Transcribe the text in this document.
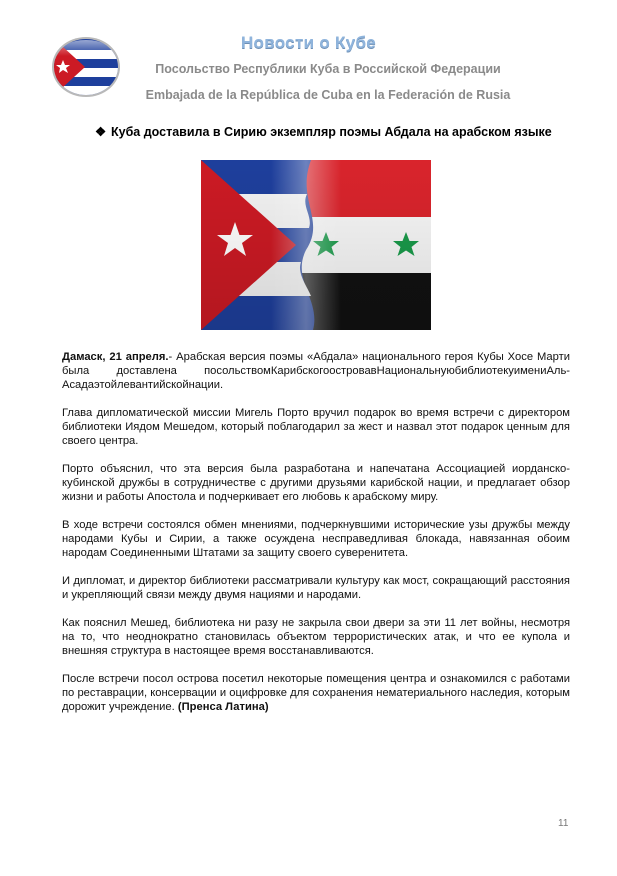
Новости о Кубе
Посольство Республики Куба в Российской Федерации
Embajada de la República de Cuba en la Federación de Rusia
❖ Куба доставила в Сирию экземпляр поэмы Абдала на арабском языке

Дамаск, 21 апреля.- Арабская версия поэмы «Абдала» национального героя Кубы Хосе Марти была доставлена посольствомКарибскогоостровавНациональнуюбиблиотекуимениАль-Асадаэтойлевантийскойнации.

Глава дипломатической миссии Мигель Порто вручил подарок во время встречи с директором библиотеки Иядом Мешедом, который поблагодарил за жест и назвал этот подарок ценным для своего центра.

Порто объяснил, что эта версия была разработана и напечатана Ассоциацией иорданско-кубинской дружбы в сотрудничестве с другими друзьями карибской нации, и предлагает обзор жизни и работы Апостола и подчеркивает его любовь к арабскому миру.

В ходе встречи состоялся обмен мнениями, подчеркнувшими исторические узы дружбы между народами Кубы и Сирии, а также осуждена несправедливая блокада, навязанная обоим народам Соединенными Штатами за защиту своего суверенитета.

И дипломат, и директор библиотеки рассматривали культуру как мост, сокращающий расстояния и укрепляющий связи между двумя нациями и народами.

Как пояснил Мешед, библиотека ни разу не закрыла свои двери за эти 11 лет войны, несмотря на то, что неоднократно становилась объектом террористических атак, и что ее купола и внешняя структура в настоящее время восстанавливаются.

После встречи посол острова посетил некоторые помещения центра и ознакомился с работами по реставрации, консервации и оцифровке для сохранения нематериального наследия, которым дорожит учреждение. (Пренса Латина)

11
